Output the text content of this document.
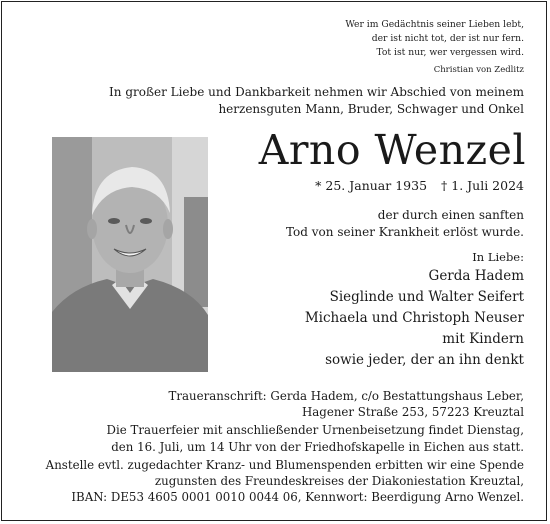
Wer im Gedächtnis seiner Lieben lebt,
der ist nicht tot, der ist nur fern.
Tot ist nur, wer vergessen wird.
Christian von Zedlitz
In großer Liebe und Dankbarkeit nehmen wir Abschied von meinem
herzensguten Mann, Bruder, Schwager und Onkel
Arno Wenzel
* 25. Januar 1935 † 1. Juli 2024
der durch einen sanften
Tod von seiner Krankheit erlöst wurde.
In Liebe:
Gerda Hadem
Sieglinde und Walter Seifert
Michaela und Christoph Neuser
mit Kindern
sowie jeder, der an ihn denkt

Traueranschrift: Gerda Hadem, c/o Bestattungshaus Leber,
Hagener Straße 253, 57223 Kreuztal

Die Trauerfeier mit anschließender Urnenbeisetzung findet Dienstag,
den 16. Juli, um 14 Uhr von der Friedhofskapelle in Eichen aus statt.

Anstelle evtl. zugedachter Kranz- und Blumenspenden erbitten wir eine Spende
zugunsten des Freundeskreises der Diakoniestation Kreuztal,
IBAN: DE53 4605 0001 0010 0044 06, Kennwort: Beerdigung Arno Wenzel.
